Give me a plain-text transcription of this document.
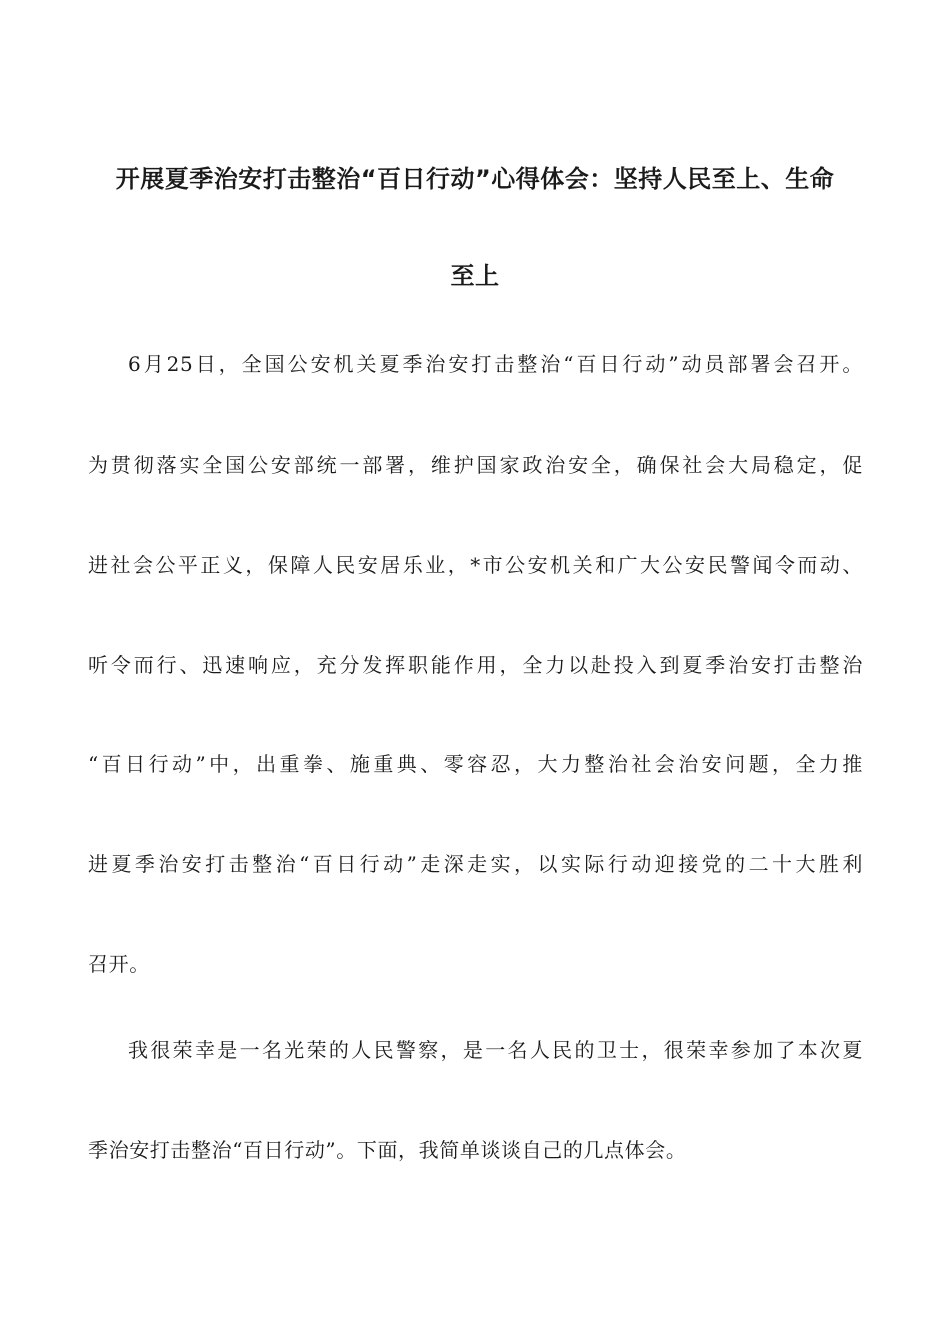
开展夏季治安打击整治“百日行动”心得体会：坚持人民至上、生命
至上
6月25日，全国公安机关夏季治安打击整治“百日行动”动员部署会召开。
为贯彻落实全国公安部统一部署，维护国家政治安全，确保社会大局稳定，促
进社会公平正义，保障人民安居乐业，*市公安机关和广大公安民警闻令而动、
听令而行、迅速响应，充分发挥职能作用，全力以赴投入到夏季治安打击整治
“百日行动”中，出重拳、施重典、零容忍，大力整治社会治安问题，全力推
进夏季治安打击整治“百日行动”走深走实，以实际行动迎接党的二十大胜利
召开。
我很荣幸是一名光荣的人民警察，是一名人民的卫士，很荣幸参加了本次夏
季治安打击整治“百日行动”。下面，我简单谈谈自己的几点体会。
